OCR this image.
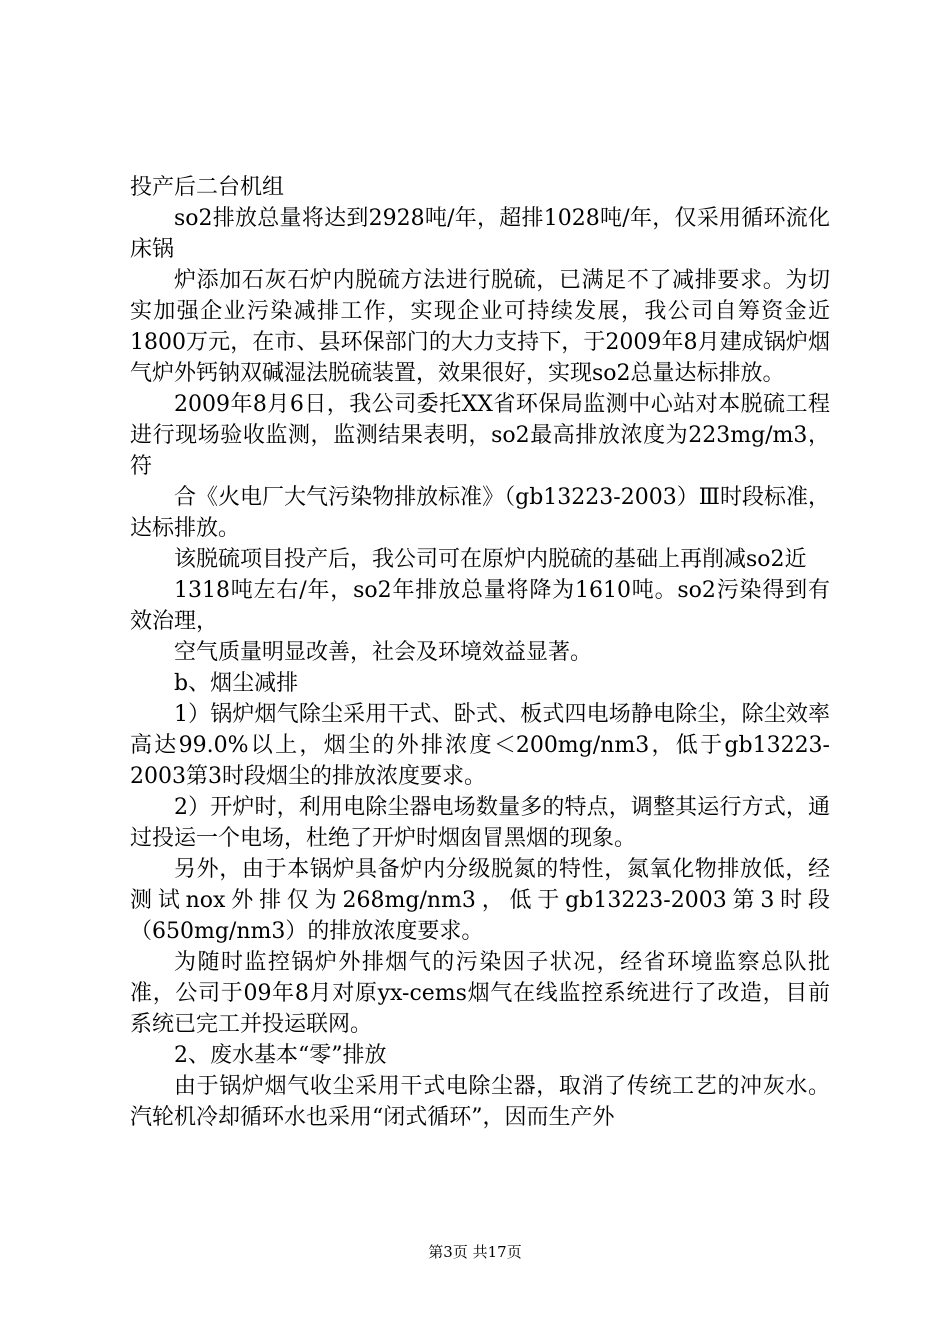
投产后二台机组

so2排放总量将达到2928吨/年，超排1028吨/年，仅采用循环流化床锅

炉添加石灰石炉内脱硫方法进行脱硫，已满足不了减排要求。为切实加强企业污染减排工作，实现企业可持续发展，我公司自筹资金近1800万元，在市、县环保部门的大力支持下，于2009年8月建成锅炉烟气炉外钙钠双碱湿法脱硫装置，效果很好，实现so2总量达标排放。

2009年8月6日，我公司委托XX省环保局监测中心站对本脱硫工程进行现场验收监测，监测结果表明，so2最高排放浓度为223mg/m3，符

合《火电厂大气污染物排放标准》（gb13223-2003）Ⅲ时段标准，达标排放。

该脱硫项目投产后，我公司可在原炉内脱硫的基础上再削减so2近

1318吨左右/年，so2年排放总量将降为1610吨。so2污染得到有效治理，

空气质量明显改善，社会及环境效益显著。

b、烟尘减排

1）锅炉烟气除尘采用干式、卧式、板式四电场静电除尘，除尘效率高达99.0%以上，烟尘的外排浓度＜200mg/nm3，低于gb13223-2003第3时段烟尘的排放浓度要求。

2）开炉时，利用电除尘器电场数量多的特点，调整其运行方式，通过投运一个电场，杜绝了开炉时烟囱冒黑烟的现象。

另外，由于本锅炉具备炉内分级脱氮的特性，氮氧化物排放低，经测试nox外排仅为268mg/nm3，低于gb13223-2003第3时段（650mg/nm3）的排放浓度要求。

为随时监控锅炉外排烟气的污染因子状况，经省环境监察总队批准，公司于09年8月对原yx-cems烟气在线监控系统进行了改造，目前系统已完工并投运联网。

2、废水基本“零”排放

由于锅炉烟气收尘采用干式电除尘器，取消了传统工艺的冲灰水。汽轮机冷却循环水也采用“闭式循环”，因而生产外

第3页 共17页
